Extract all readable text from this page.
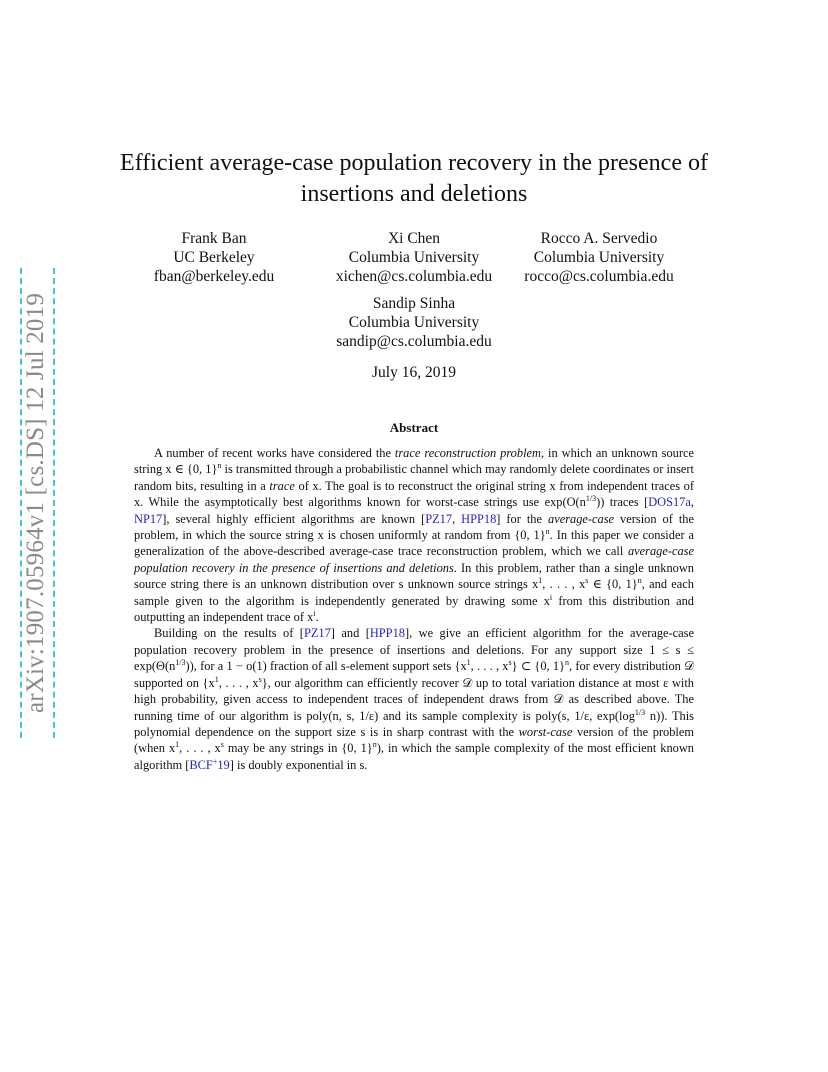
arXiv:1907.05964v1 [cs.DS] 12 Jul 2019
Efficient average-case population recovery in the presence of
insertions and deletions
Frank Ban
UC Berkeley
fban@berkeley.edu
Xi Chen
Columbia University
xichen@cs.columbia.edu
Rocco A. Servedio
Columbia University
rocco@cs.columbia.edu
Sandip Sinha
Columbia University
sandip@cs.columbia.edu
July 16, 2019
Abstract

A number of recent works have considered the trace reconstruction problem, in which an unknown source string x ∈ {0, 1}$^n$ is transmitted through a probabilistic channel which may randomly delete coordinates or insert random bits, resulting in a trace of x. The goal is to reconstruct the original string x from independent traces of x. While the asymptotically best algorithms known for worst-case strings use $\exp(O(n^{1/3}))$ traces [DOS17a, NP17], several highly efficient algorithms are known [PZ17, HPP18] for the average-case version of the problem, in which the source string x is chosen uniformly at random from {0, 1}$^n$. In this paper we consider a generalization of the above-described average-case trace reconstruction problem, which we call average-case population recovery in the presence of insertions and deletions. In this problem, rather than a single unknown source string there is an unknown distribution over s unknown source strings $x^1$, . . . , $x^s$ ∈ {0, 1}$^n$, and each sample given to the algorithm is independently generated by drawing some $x^i$ from this distribution and outputting an independent trace of $x^i$.

Building on the results of [PZ17] and [HPP18], we give an efficient algorithm for the average-case population recovery problem in the presence of insertions and deletions. For any support size $1 \le s \le \exp(\Theta(n^{1/3}))$, for a 1 − o(1) fraction of all s-element support sets {$x^1$, . . . , $x^s$} ⊂ {0, 1}$^n$, for every distribution 𝒟 supported on {$x^1$, . . . , $x^s$}, our algorithm can efficiently recover 𝒟 up to total variation distance at most ε with high probability, given access to independent traces of independent draws from 𝒟 as described above. The running time of our algorithm is poly(n, s, 1/ε) and its sample complexity is poly(s, 1/ε, $\exp(\log^{1/3}$ n)). This polynomial dependence on the support size s is in sharp contrast with the worst-case version of the problem (when $x^1$, . . . , $x^s$ may be any strings in {0, 1}$^n$), in which the sample complexity of the most efficient known algorithm [BCF+19] is doubly exponential in s.
